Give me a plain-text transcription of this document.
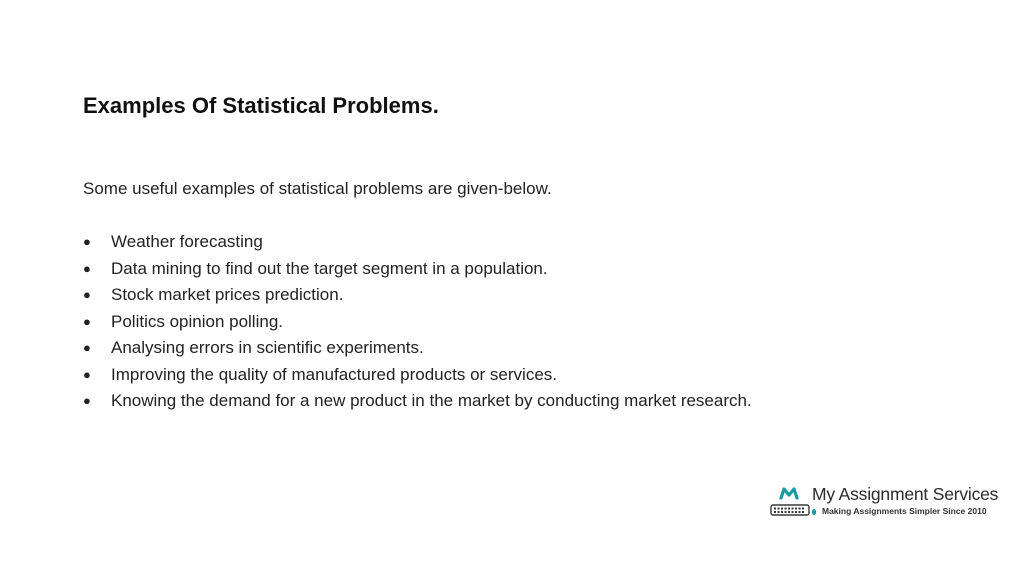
Examples Of Statistical Problems.

Some useful examples of statistical problems are given-below.

● Weather forecasting
● Data mining to find out the target segment in a population.
● Stock market prices prediction.
● Politics opinion polling.
● Analysing errors in scientific experiments.
● Improving the quality of manufactured products or services.
● Knowing the demand for a new product in the market by conducting market research.
My Assignment Services
Making Assignments Simpler Since 2010
